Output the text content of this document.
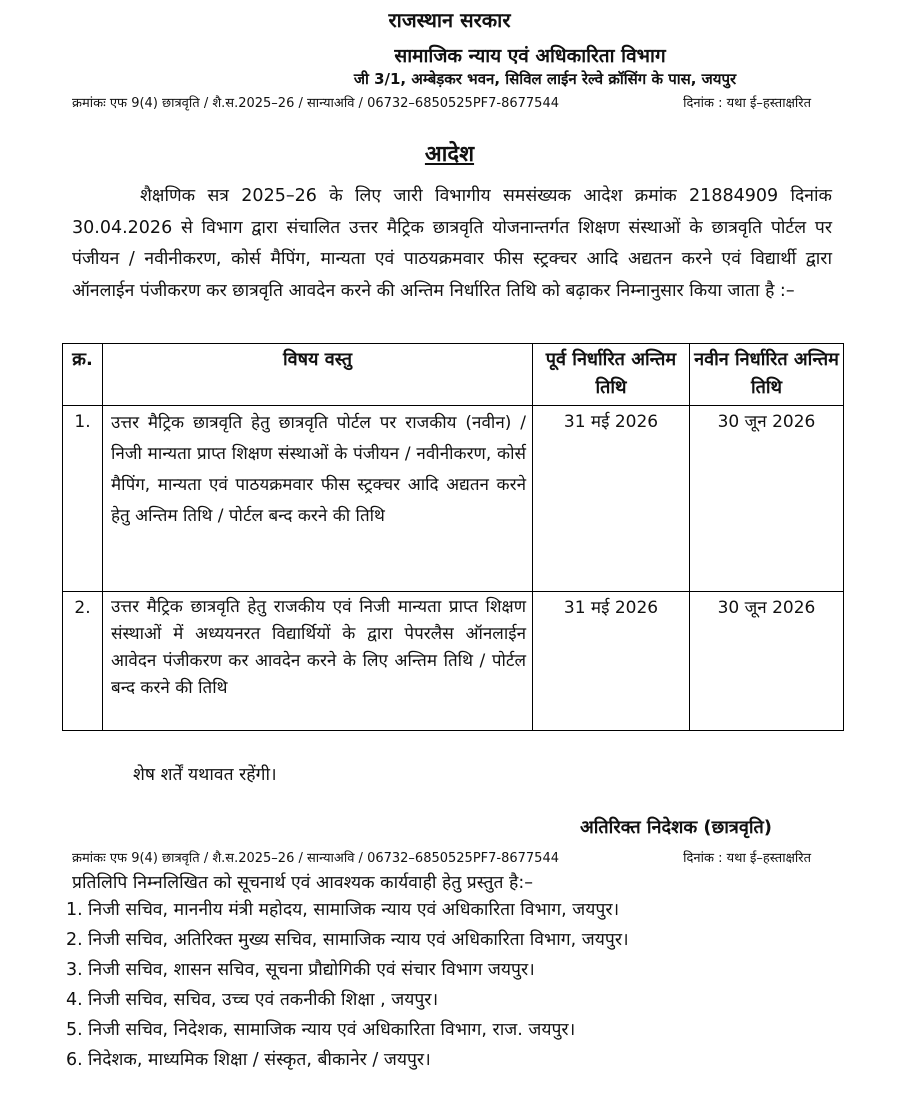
राजस्थान सरकार
सामाजिक न्याय एवं अधिकारिता विभाग
जी 3/1, अम्बेड़कर भवन, सिविल लाईन रेल्वे क्रॉसिंग के पास, जयपुर
क्रमांकः एफ 9(4) छात्रवृति / शै.स.2025–26 / सान्याअवि / 06732–6850525PF7-8677544	दिनांक : यथा ई–हस्ताक्षरित
आदेश

शैक्षणिक सत्र 2025–26 के लिए जारी विभागीय समसंख्यक आदेश क्रमांक 21884909 दिनांक 30.04.2026 से विभाग द्वारा संचालित उत्तर मैट्रिक छात्रवृति योजनान्तर्गत शिक्षण संस्थाओं के छात्रवृति पोर्टल पर पंजीयन / नवीनीकरण, कोर्स मैपिंग, मान्यता एवं पाठयक्रमवार फीस स्ट्रक्चर आदि अद्यतन करने एवं विद्यार्थी द्वारा ऑनलाईन पंजीकरण कर छात्रवृति आवदेन करने की अन्तिम निर्धारित तिथि को बढ़ाकर निम्नानुसार किया जाता है :–

क्र.	विषय वस्तु	पूर्व निर्धारित अन्तिम तिथि	नवीन निर्धारित अन्तिम तिथि
1.	उत्तर मैट्रिक छात्रवृति हेतु छात्रवृति पोर्टल पर राजकीय (नवीन) / निजी मान्यता प्राप्त शिक्षण संस्थाओं के पंजीयन / नवीनीकरण, कोर्स मैपिंग, मान्यता एवं पाठयक्रमवार फीस स्ट्रक्चर आदि अद्यतन करने हेतु अन्तिम तिथि / पोर्टल बन्द करने की तिथि	31 मई 2026	30 जून 2026
2.	उत्तर मैट्रिक छात्रवृति हेतु राजकीय एवं निजी मान्यता प्राप्त शिक्षण संस्थाओं में अध्ययनरत विद्यार्थियों के द्वारा पेपरलैस ऑनलाईन आवेदन पंजीकरण कर आवदेन करने के लिए अन्तिम तिथि / पोर्टल बन्द करने की तिथि	31 मई 2026	30 जून 2026
शेष शर्तें यथावत रहेंगी।
अतिरिक्त निदेशक (छात्रवृति)
क्रमांकः एफ 9(4) छात्रवृति / शै.स.2025–26 / सान्याअवि / 06732–6850525PF7-8677544	दिनांक : यथा ई–हस्ताक्षरित
प्रतिलिपि निम्नलिखित को सूचनार्थ एवं आवश्यक कार्यवाही हेतु प्रस्तुत है:–
1. निजी सचिव, माननीय मंत्री महोदय, सामाजिक न्याय एवं अधिकारिता विभाग, जयपुर।
2. निजी सचिव, अतिरिक्त मुख्य सचिव, सामाजिक न्याय एवं अधिकारिता विभाग, जयपुर।
3. निजी सचिव, शासन सचिव, सूचना प्रौद्योगिकी एवं संचार विभाग जयपुर।
4. निजी सचिव, सचिव, उच्च एवं तकनीकी शिक्षा , जयपुर।
5. निजी सचिव, निदेशक, सामाजिक न्याय एवं अधिकारिता विभाग, राज. जयपुर।
6. निदेशक, माध्यमिक शिक्षा / संस्कृत, बीकानेर / जयपुर।
